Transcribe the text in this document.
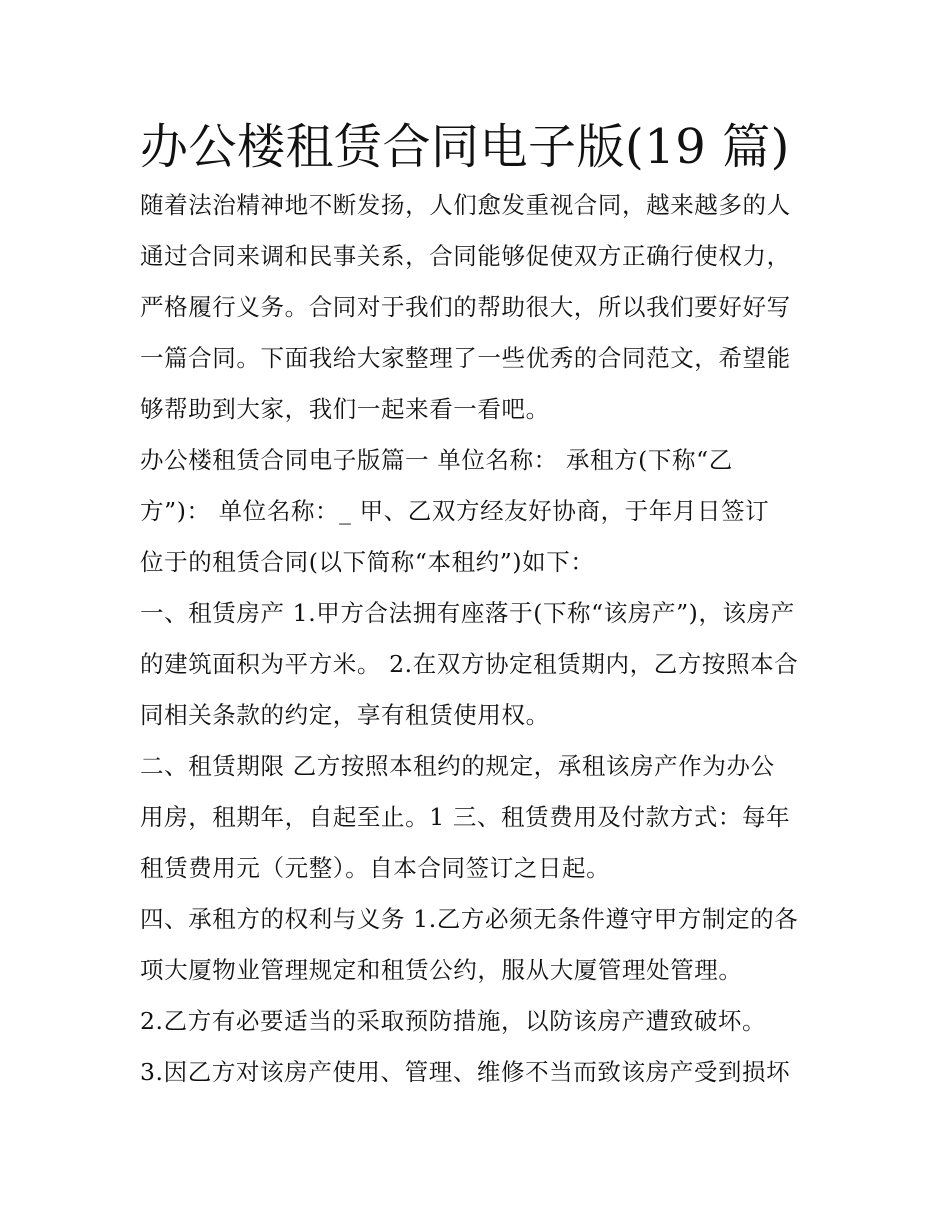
办公楼租赁合同电子版(19 篇)
随着法治精神地不断发扬，人们愈发重视合同，越来越多的人
通过合同来调和民事关系，合同能够促使双方正确行使权力，
严格履行义务。合同对于我们的帮助很大，所以我们要好好写
一篇合同。下面我给大家整理了一些优秀的合同范文，希望能
够帮助到大家，我们一起来看一看吧。
办公楼租赁合同电子版篇一 单位名称： 承租方(下称“乙
方”)： 单位名称：_ 甲、乙双方经友好协商，于年月日签订
位于的租赁合同(以下简称“本租约”)如下：
一、租赁房产 1.甲方合法拥有座落于(下称“该房产”)，该房产
的建筑面积为平方米。 2.在双方协定租赁期内，乙方按照本合
同相关条款的约定，享有租赁使用权。
二、租赁期限 乙方按照本租约的规定，承租该房产作为办公
用房，租期年，自起至止。1 三、租赁费用及付款方式：每年
租赁费用元（元整）。自本合同签订之日起。
四、承租方的权利与义务 1.乙方必须无条件遵守甲方制定的各
项大厦物业管理规定和租赁公约，服从大厦管理处管理。
2.乙方有必要适当的采取预防措施，以防该房产遭致破坏。
3.因乙方对该房产使用、管理、维修不当而致该房产受到损坏
